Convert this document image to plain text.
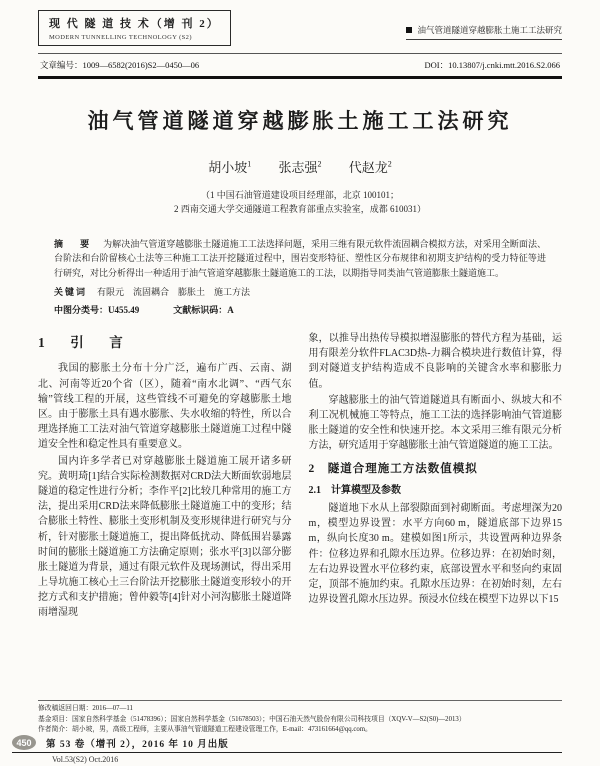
现 代 隧 道 技 术（增 刊 2）
MODERN TUNNELLING TECHNOLOGY (S2)
油气管道隧道穿越膨胀土施工工法研究
文章编号：1009—6582(2016)S2—0450—06	DOI：10.13807/j.cnki.mtt.2016.S2.066
油气管道隧道穿越膨胀土施工工法研究
胡小坡$^1$ 张志强$^2$ 代赵龙$^2$
（1 中国石油管道建设项目经理部，北京 100101；
2 西南交通大学交通隧道工程教育部重点实验室，成都 610031）

摘　要 为解决油气管道穿越膨胀土隧道施工工法选择问题，采用三维有限元软件流固耦合模拟方法，对采用全断面法、台阶法和台阶留核心土法等三种施工工法开挖隧道过程中，围岩变形特征、塑性区分布规律和初期支护结构的受力特征等进行研究，对比分析得出一种适用于油气管道穿越膨胀土隧道施工的工法，以期指导同类油气管道膨胀土隧道施工。

关键词 有限元　流固耦合　膨胀土　施工方法

中图分类号：U455.49	文献标识码：A
1　引　言

我国的膨胀土分布十分广泛，遍布广西、云南、湖北、河南等近20个省（区），随着“南水北调”、“西气东输”管线工程的开展，这些管线不可避免的穿越膨胀土地区。由于膨胀土具有遇水膨胀、失水收缩的特性，所以合理选择施工工法对油气管道穿越膨胀土隧道施工过程中隧道安全性和稳定性具有重要意义。

国内许多学者已对穿越膨胀土隧道施工展开诸多研究。黄明琦[1]结合实际检测数据对CRD法大断面软弱地层隧道的稳定性进行分析；李作平[2]比较几种常用的施工方法，提出采用CRD法来降低膨胀土隧道施工中的变形；结合膨胀土特性、膨胀土变形机制及变形规律进行研究与分析，针对膨胀土隧道施工，提出降低扰动、降低围岩暴露时间的膨胀土隧道施工方法确定原则；张水平[3]以部分膨胀土隧道为背景，通过有限元软件及现场测试，得出采用上导坑施工核心土三台阶法开挖膨胀土隧道变形较小的开挖方式和支护措施；曾仲毅等[4]针对小河沟膨胀土隧道降雨增湿现

象，以推导出热传导模拟增湿膨胀的替代方程为基础，运用有限差分软件FLAC3D热-力耦合模块进行数值计算，得到对隧道支护结构造成不良影响的关键含水率和膨胀力值。

穿越膨胀土的油气管道隧道具有断面小、纵坡大和不利工况机械施工等特点，施工工法的选择影响油气管道膨胀土隧道的安全性和快速开挖。本文采用三维有限元分析方法，研究适用于穿越膨胀土油气管道隧道的施工工法。

2　隧道合理施工方法数值模拟
2.1　计算模型及参数

隧道地下水从上部裂隙面到衬砌断面。考虑埋深为20 m，模型边界设置：水平方向60 m，隧道底部下边界15 m，纵向长度30 m。建模如图1所示，共设置两种边界条件：位移边界和孔隙水压边界。位移边界：在初始时刻，左右边界设置水平位移约束，底部设置水平和竖向约束固定，顶部不施加约束。孔隙水压边界：在初始时刻，左右边界设置孔隙水压边界。预浸水位线在模型下边界以下15

修改稿返回日期：2016—07—11

基金项目：国家自然科学基金（51478396）；国家自然科学基金（51678503）；中国石油天然气股份有限公司科技项目（XQV-V—S2(S0)—2013）

作者简介：胡小坡，男，高级工程师，主要从事油气管道隧道工程建设管理工作，E-mail：473161664@qq.com。

450	第 53 卷（增刊 2），2016 年 10 月出版
Vol.53(S2) Oct.2016
